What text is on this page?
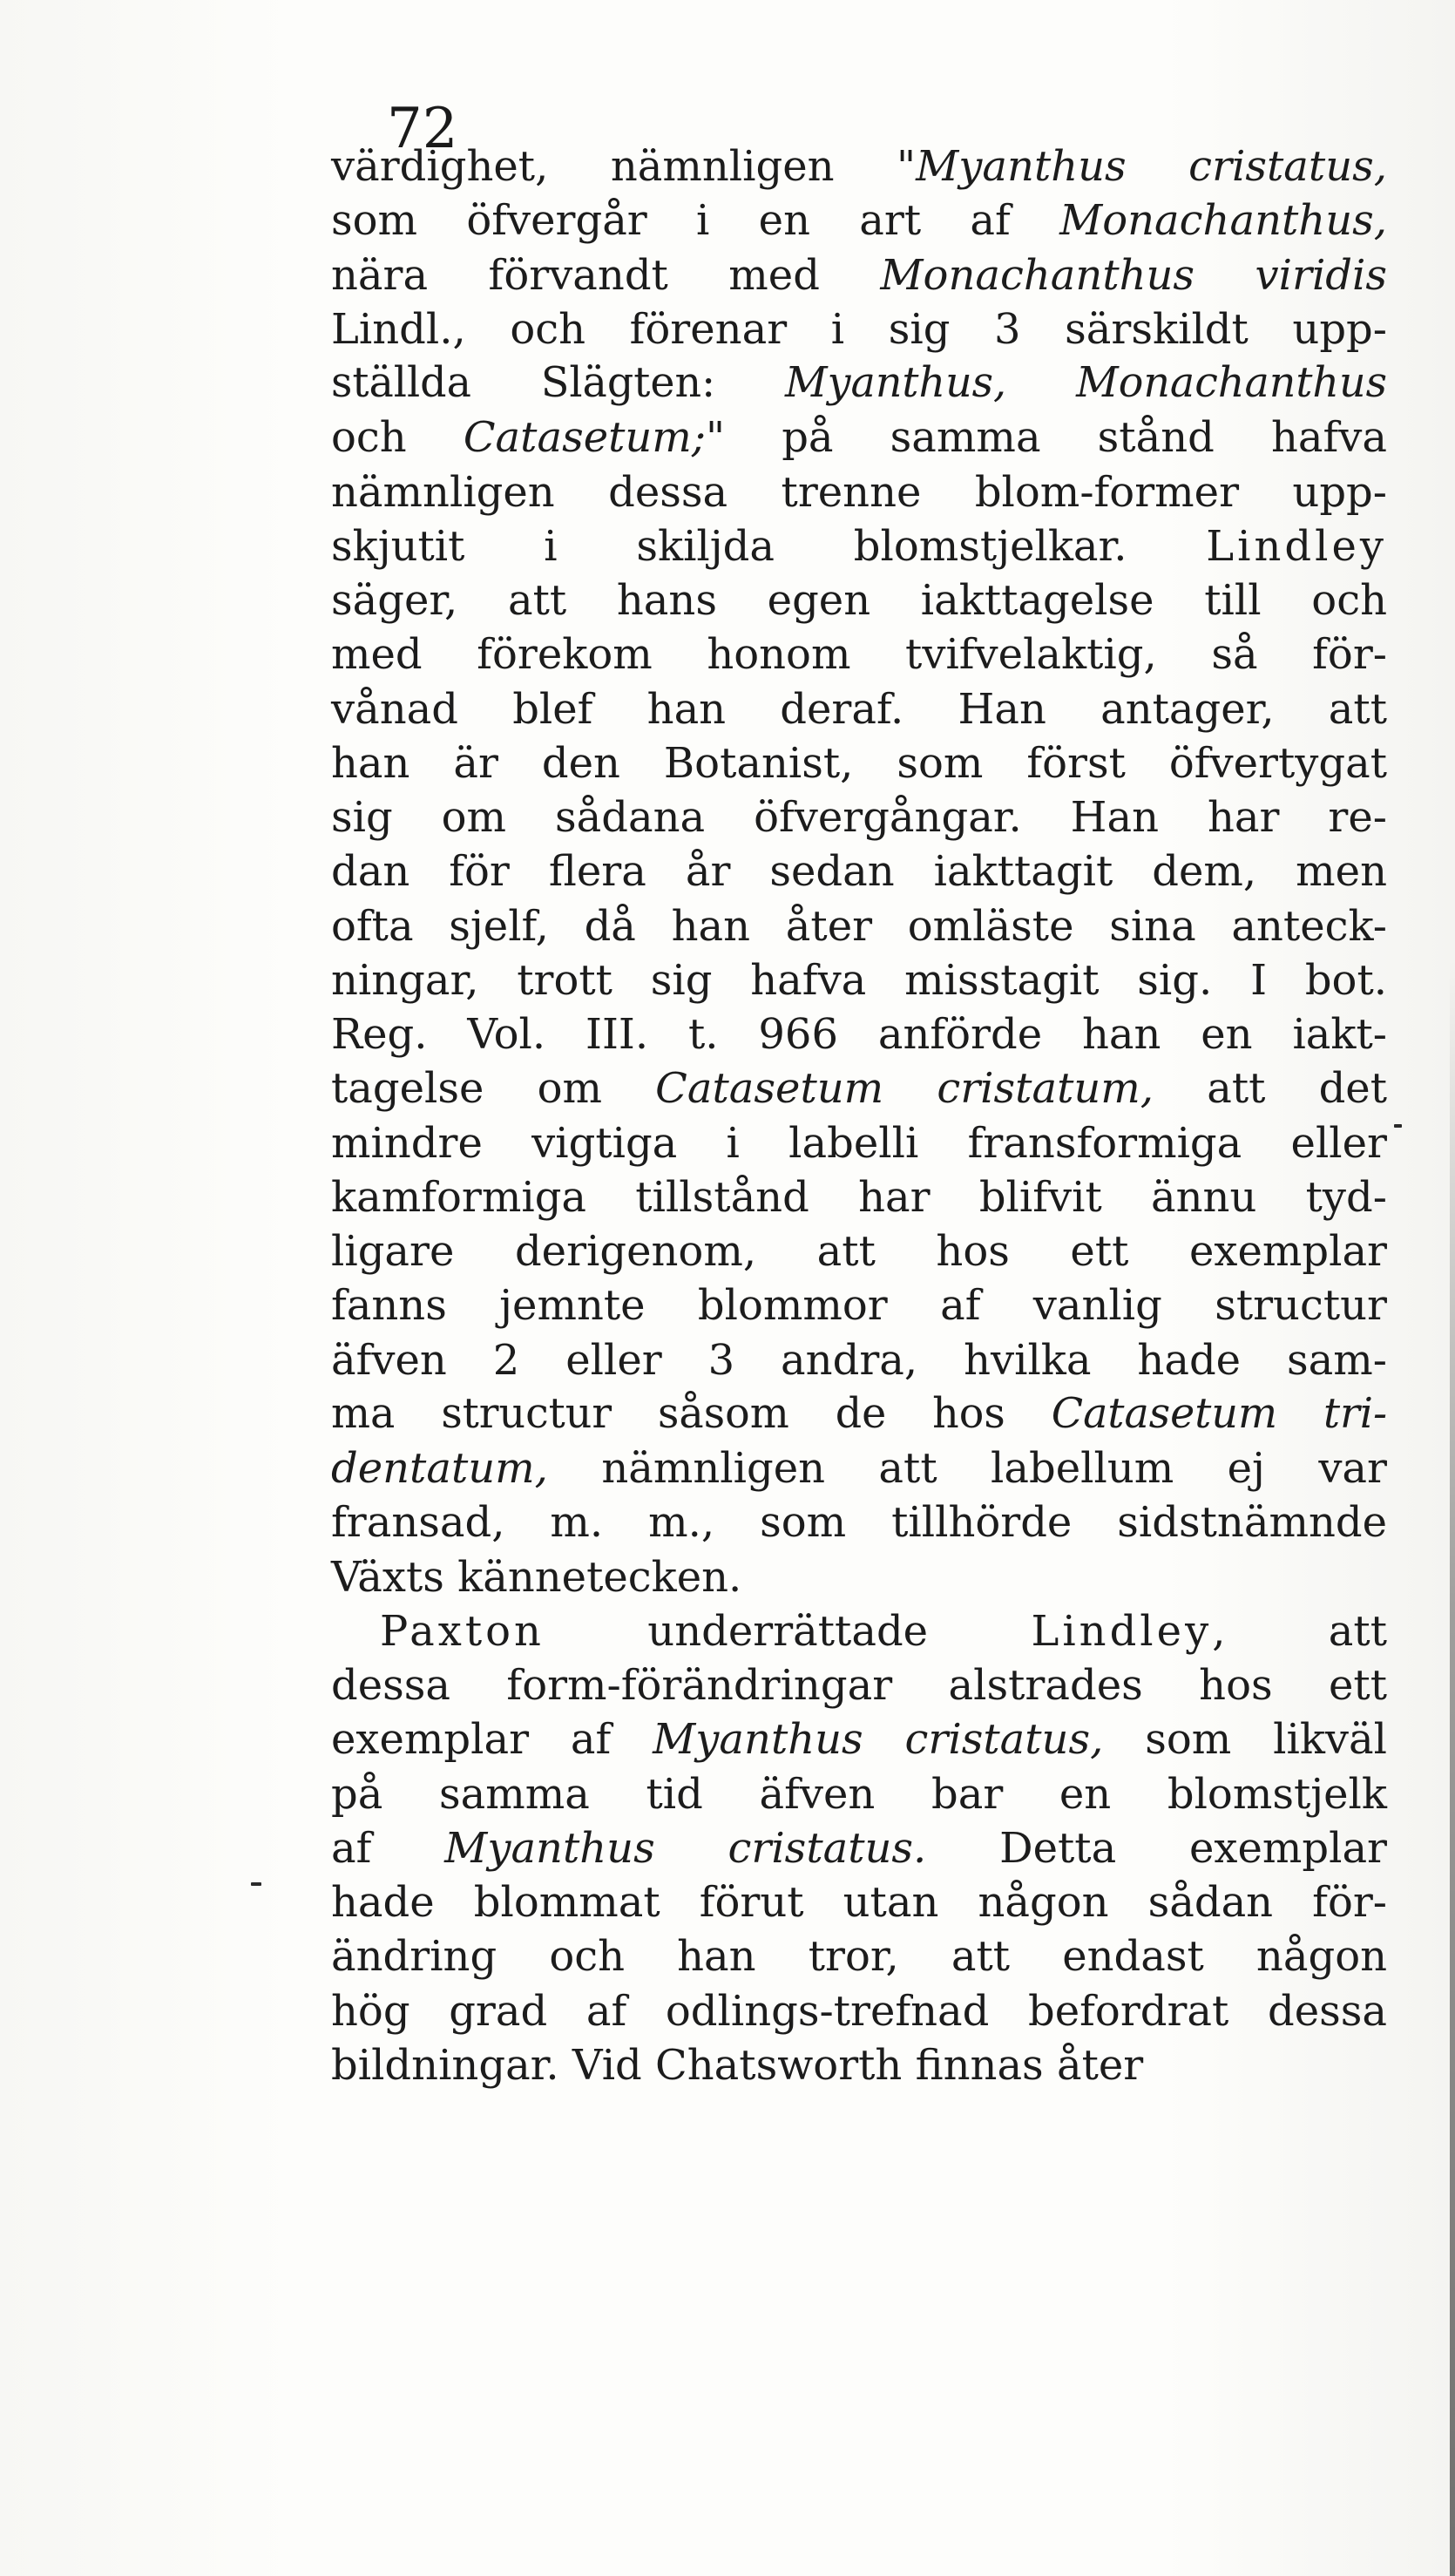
72
värdighet, nämnligen "Myanthus cristatus,
som öfvergår i en art af Monachanthus,
nära förvandt med Monachanthus viridis
Lindl., och förenar i sig 3 särskildt upp-
ställda Slägten: Myanthus, Monachanthus
och Catasetum;" på samma stånd hafva
nämnligen dessa trenne blom-former upp-
skjutit i skiljda blomstjelkar. Lindley
säger, att hans egen iakttagelse till och
med förekom honom tvifvelaktig, så för-
vånad blef han deraf. Han antager, att
han är den Botanist, som först öfvertygat
sig om sådana öfvergångar. Han har re-
dan för flera år sedan iakttagit dem, men
ofta sjelf, då han åter omläste sina anteck-
ningar, trott sig hafva misstagit sig. I bot.
Reg. Vol. III. t. 966 anförde han en iakt-
tagelse om Catasetum cristatum, att det
mindre vigtiga i labelli fransformiga eller
kamformiga tillstånd har blifvit ännu tyd-
ligare derigenom, att hos ett exemplar
fanns jemnte blommor af vanlig structur
äfven 2 eller 3 andra, hvilka hade sam-
ma structur såsom de hos Catasetum tri-
dentatum, nämnligen att labellum ej var
fransad, m. m., som tillhörde sidstnämnde
Växts kännetecken.
Paxton underrättade Lindley, att
dessa form-förändringar alstrades hos ett
exemplar af Myanthus cristatus, som likväl
på samma tid äfven bar en blomstjelk
af Myanthus cristatus. Detta exemplar
hade blommat förut utan någon sådan för-
ändring och han tror, att endast någon
hög grad af odlings-trefnad befordrat dessa
bildningar. Vid Chatsworth finnas åter
